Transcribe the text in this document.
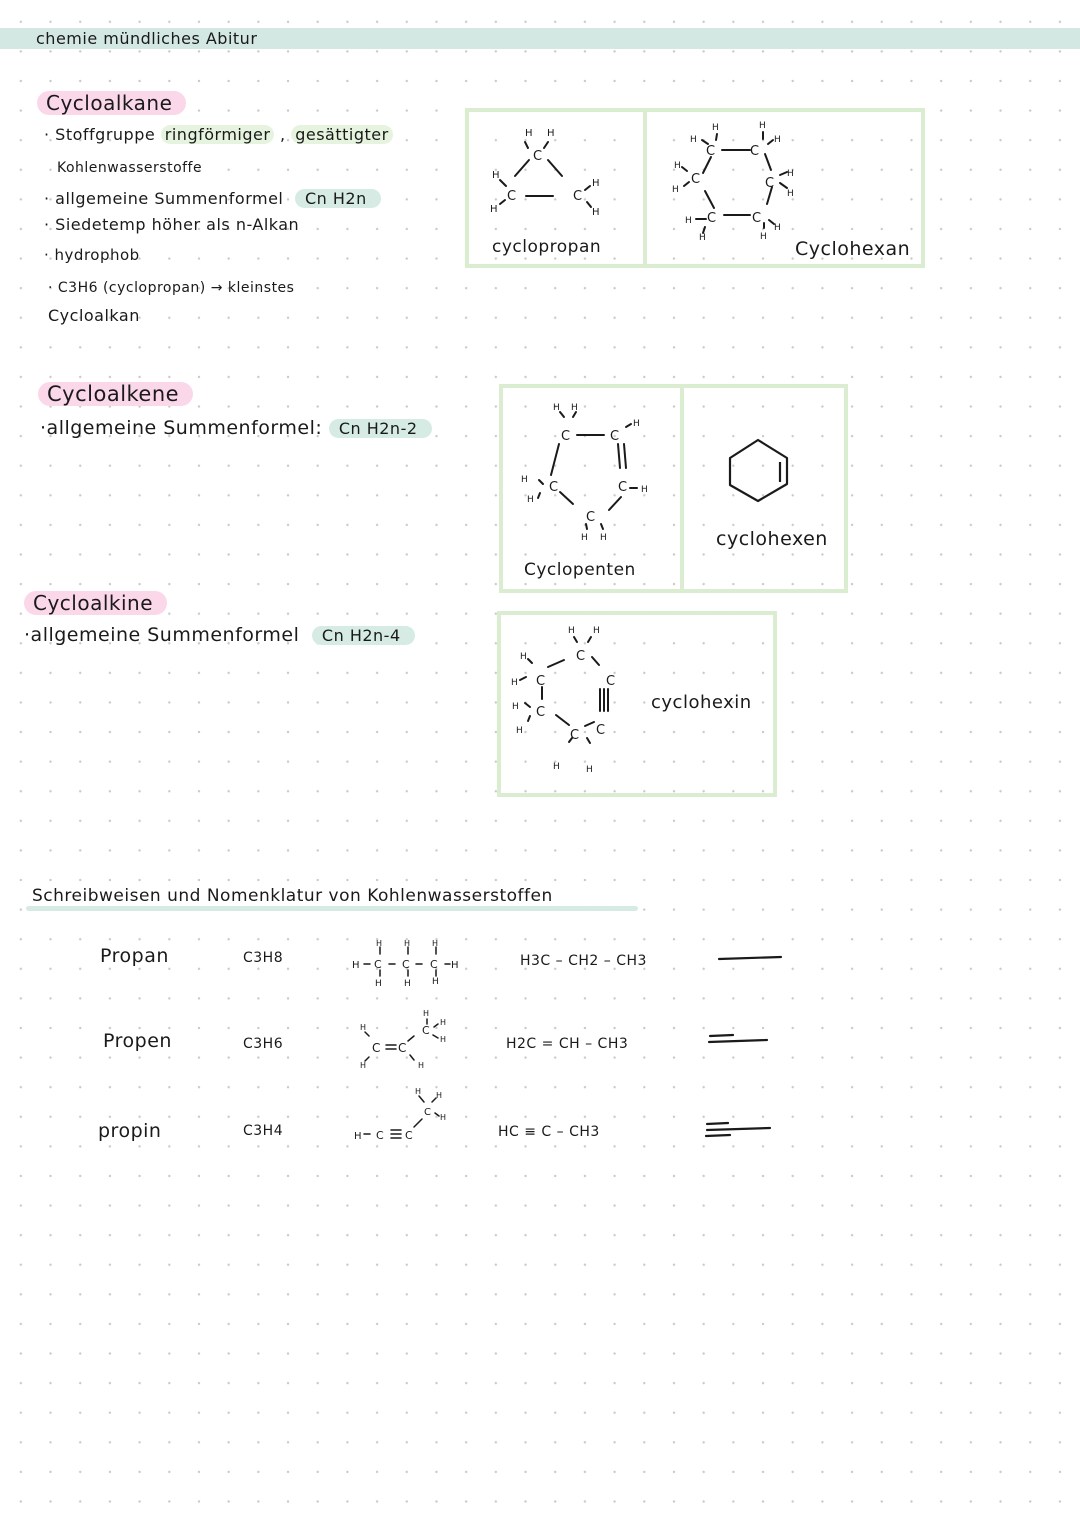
chemie mündliches Abitur
Cycloalkane
· Stoffgruppe ringförmiger , gesättigter
Kohlenwasserstoffe
· allgemeine Summenformel Cn H2n
· Siedetemp höher als n-Alkan
· hydrophob
· C3H6 (cyclopropan) → kleinstes
Cycloalkan
C
C	C
H H
H
H
H
H
cyclopropan
C	C
C	C
C	C
H
H	H
H
H
H
H
H
H
H
H
H
Cyclohexan
Cycloalkene
·allgemeine Summenformel: Cn H2n-2	C	C
C	C
C
H H
H
H
H
H
H H
Cyclopenten
cyclohexen
Cycloalkine
·allgemeine Summenformel Cn H2n-4
C
C
C
C
C C
H H
H
H
H
H
H	H
cyclohexin
Schreibweisen und Nomenklatur von Kohlenwasserstoffen
Propan	C3H8
H	H	H
H C C C H
H H H
H3C – CH2 – CH3
Propen	C3H6
H
C C
H	H
C
H
H
H	H2C = CH – CH3
propin	C3H4	H C C
C
H H
H
HC ≡ C – CH3
